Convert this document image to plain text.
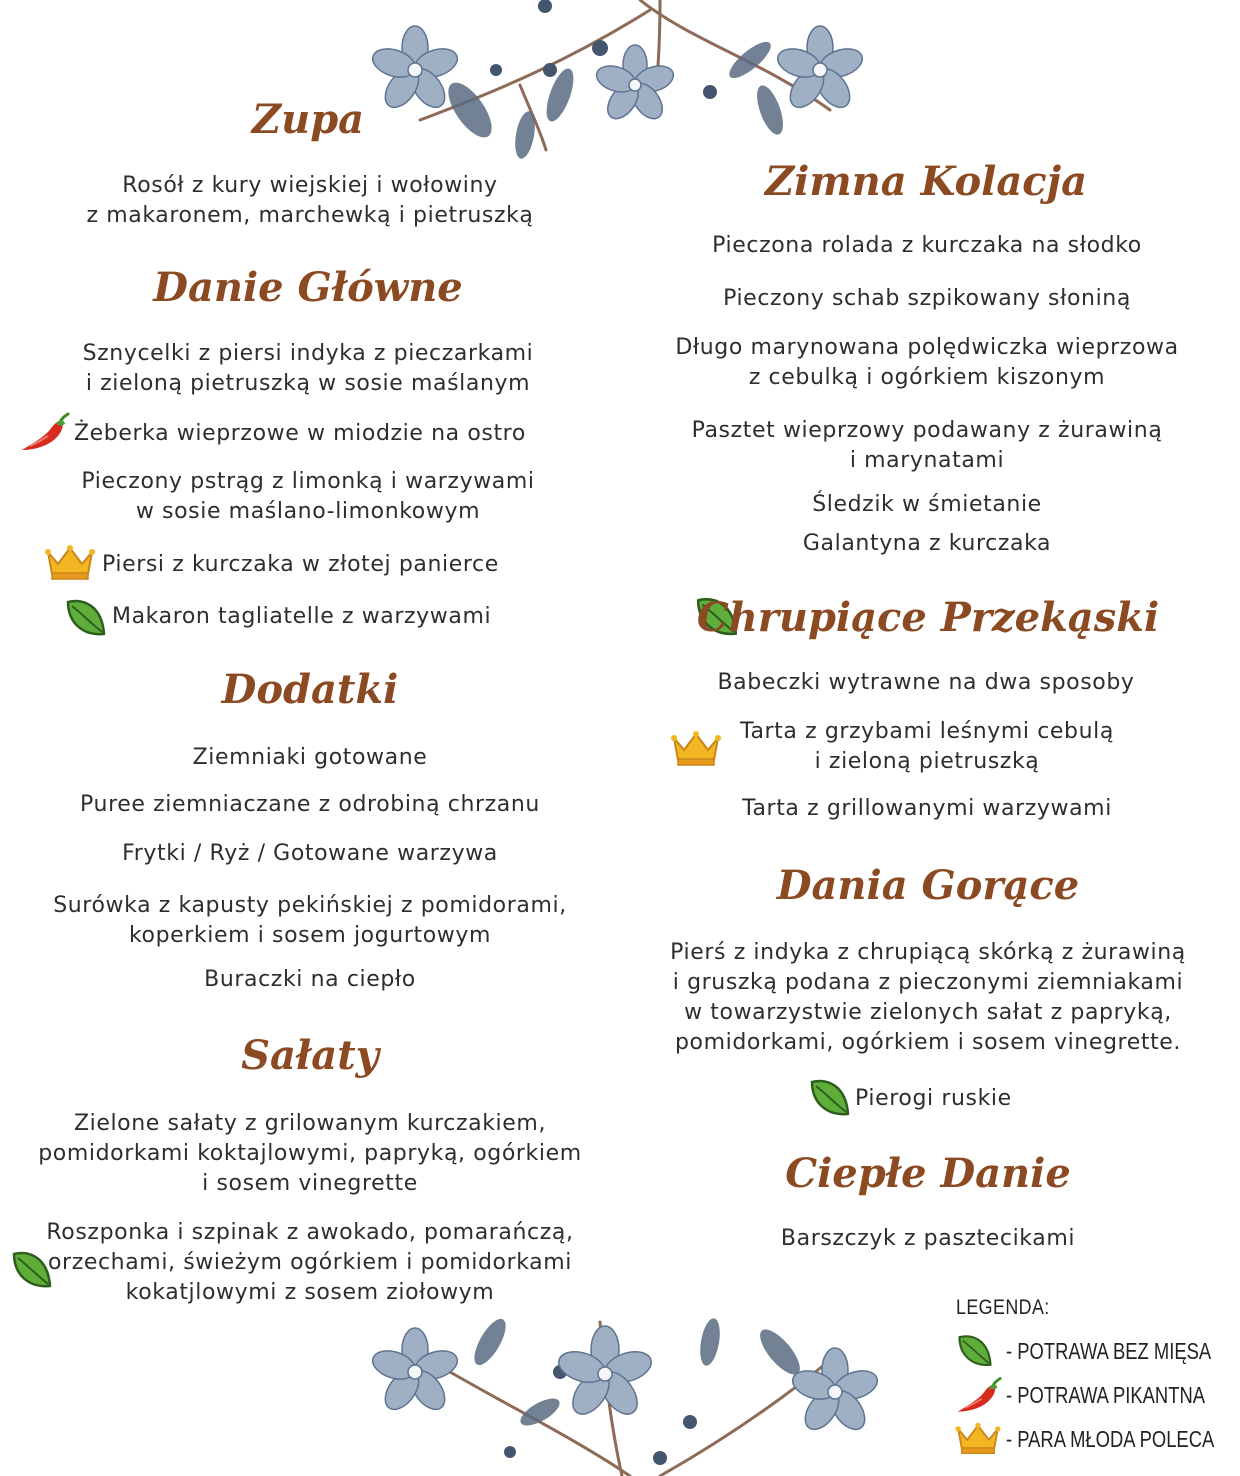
Zupa
Rosół z kury wiejskiej i wołowiny
z makaronem, marchewką i pietruszką
Danie Główne
Sznycelki z piersi indyka z pieczarkami
i zieloną pietruszką w sosie maślanym
Żeberka wieprzowe w miodzie na ostro
Pieczony pstrąg z limonką i warzywami
w sosie maślano-limonkowym
Piersi z kurczaka w złotej panierce
Makaron tagliatelle z warzywami
Dodatki
Ziemniaki gotowane
Puree ziemniaczane z odrobiną chrzanu
Frytki / Ryż / Gotowane warzywa
Surówka z kapusty pekińskiej z pomidorami,
koperkiem i sosem jogurtowym
Buraczki na ciepło
Sałaty
Zielone sałaty z grilowanym kurczakiem,
pomidorkami koktajlowymi, papryką, ogórkiem
i sosem vinegrette
Roszponka i szpinak z awokado, pomarańczą,
orzechami, świeżym ogórkiem i pomidorkami
kokatjlowymi z sosem ziołowym
Zimna Kolacja
Pieczona rolada z kurczaka na słodko
Pieczony schab szpikowany słoniną
Długo marynowana polędwiczka wieprzowa
z cebulką i ogórkiem kiszonym
Pasztet wieprzowy podawany z żurawiną
i marynatami
Śledzik w śmietanie
Galantyna z kurczaka
Chrupiące Przekąski
Babeczki wytrawne na dwa sposoby
Tarta z grzybami leśnymi cebulą
i zieloną pietruszką
Tarta z grillowanymi warzywami
Dania Gorące
Pierś z indyka z chrupiącą skórką z żurawiną
i gruszką podana z pieczonymi ziemniakami
w towarzystwie zielonych sałat z papryką,
pomidorkami, ogórkiem i sosem vinegrette.
Pierogi ruskie
Ciepłe Danie
Barszczyk z pasztecikami
LEGENDA:
- POTRAWA BEZ MIĘSA
- POTRAWA PIKANTNA
- PARA MŁODA POLECA
